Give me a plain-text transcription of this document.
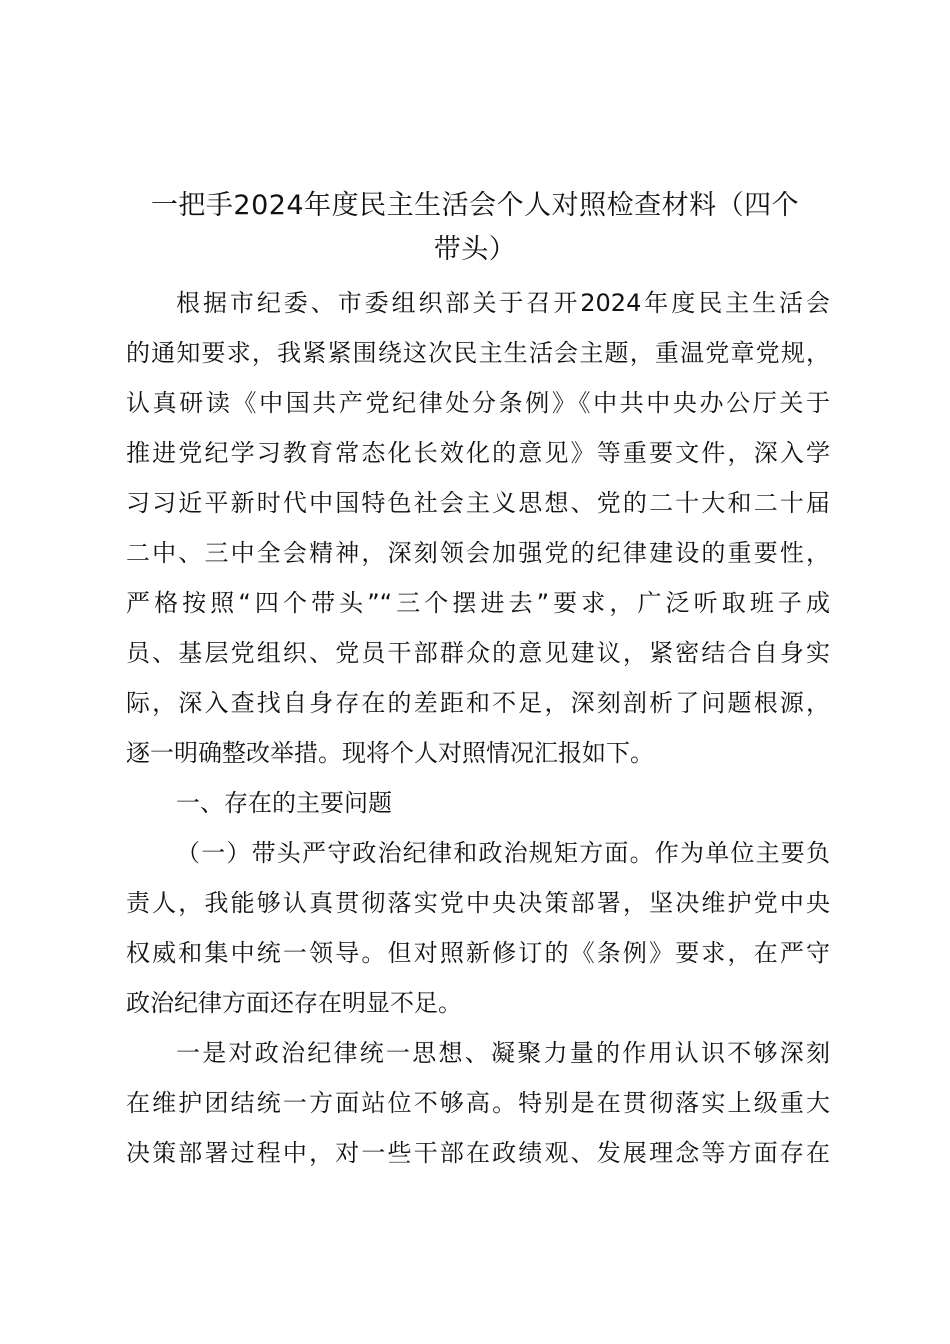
一把手2024年度民主生活会个人对照检查材料（四个
带头）
根据市纪委、市委组织部关于召开2024年度民主生活会
的通知要求，我紧紧围绕这次民主生活会主题，重温党章党规，
认真研读《中国共产党纪律处分条例》《中共中央办公厅关于
推进党纪学习教育常态化长效化的意见》等重要文件，深入学
习习近平新时代中国特色社会主义思想、党的二十大和二十届
二中、三中全会精神，深刻领会加强党的纪律建设的重要性，
严格按照“四个带头”“三个摆进去”要求，广泛听取班子成
员、基层党组织、党员干部群众的意见建议，紧密结合自身实
际，深入查找自身存在的差距和不足，深刻剖析了问题根源，
逐一明确整改举措。现将个人对照情况汇报如下。
一、存在的主要问题
（一）带头严守政治纪律和政治规矩方面。作为单位主要负
责人，我能够认真贯彻落实党中央决策部署，坚决维护党中央
权威和集中统一领导。但对照新修订的《条例》要求，在严守
政治纪律方面还存在明显不足。
一是对政治纪律统一思想、凝聚力量的作用认识不够深刻
在维护团结统一方面站位不够高。特别是在贯彻落实上级重大
决策部署过程中，对一些干部在政绩观、发展理念等方面存在
